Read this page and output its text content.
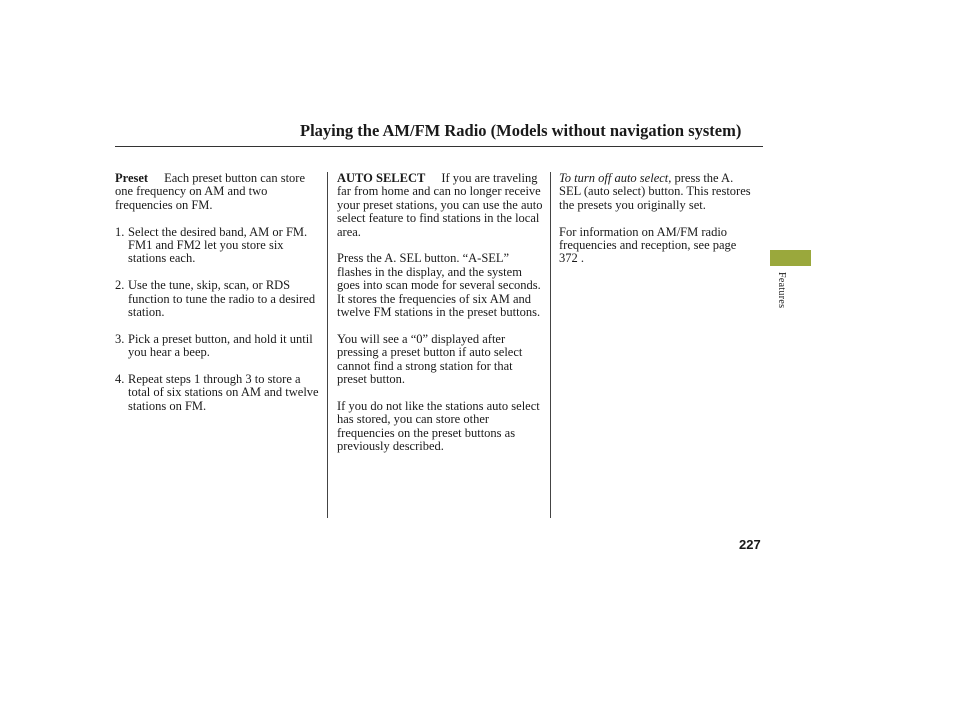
Playing the AM/FM Radio (Models without navigation system)

Preset Each preset button can store one frequency on AM and two frequencies on FM.

1. Select the desired band, AM or FM. FM1 and FM2 let you store six stations each.
2. Use the tune, skip, scan, or RDS function to tune the radio to a desired station.
3. Pick a preset button, and hold it until you hear a beep.
4. Repeat steps 1 through 3 to store a total of six stations on AM and twelve stations on FM.

AUTO SELECT If you are traveling far from home and can no longer receive your preset stations, you can use the auto select feature to find stations in the local area.

Press the A. SEL button. “A-SEL” flashes in the display, and the system goes into scan mode for several seconds. It stores the frequencies of six AM and twelve FM stations in the preset buttons.

You will see a “0” displayed after pressing a preset button if auto select cannot find a strong station for that preset button.

If you do not like the stations auto select has stored, you can store other frequencies on the preset buttons as previously described.

To turn off auto select, press the A. SEL (auto select) button. This restores the presets you originally set.

For information on AM/FM radio frequencies and reception, see page 372 .

Features
227
